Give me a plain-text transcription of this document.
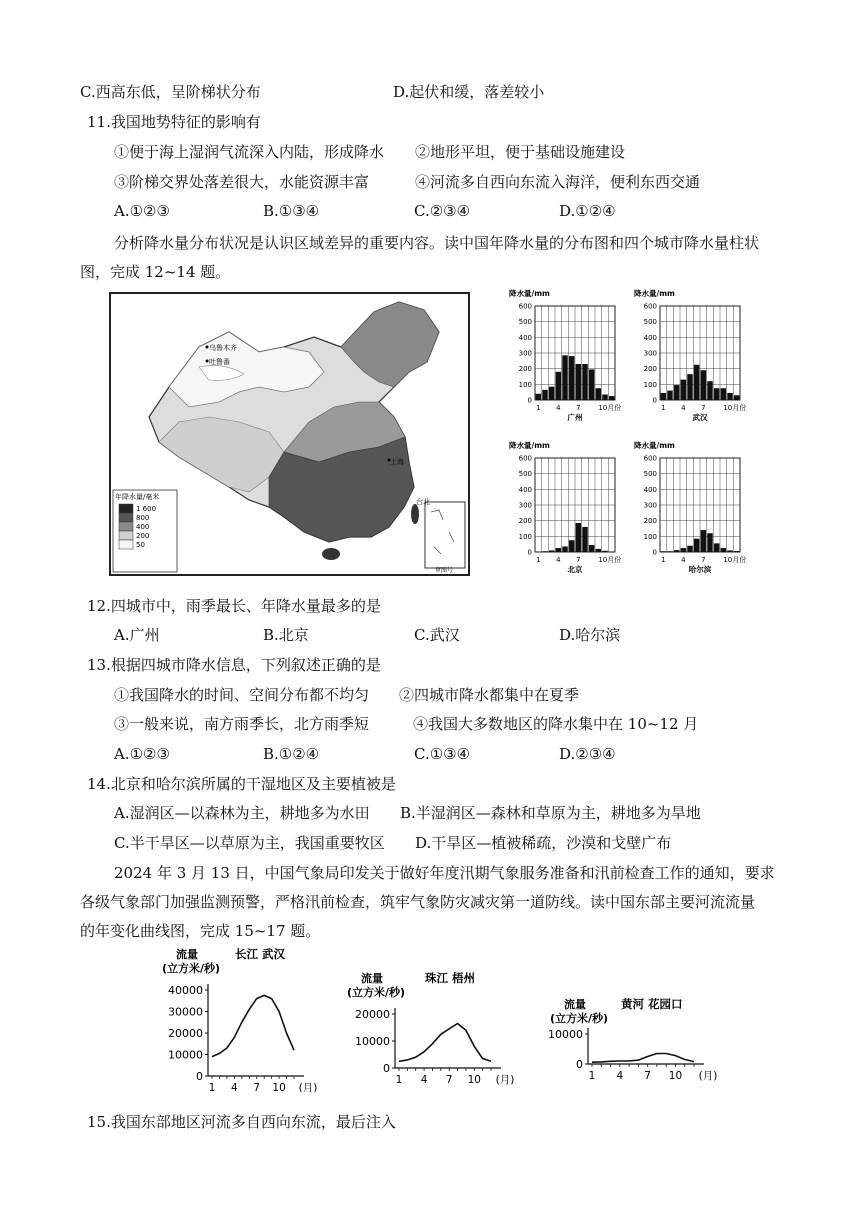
C.西高东低，呈阶梯状分布	D.起伏和缓，落差较小
11.我国地势特征的影响有
①便于海上湿润气流深入内陆，形成降水 ②地形平坦，便于基础设施建设
③阶梯交界处落差很大，水能资源丰富	④河流多自西向东流入海洋，便利东西交通
A.①②③	B.①③④	C.②③④	D.①②④
分析降水量分布状况是认识区域差异的重要内容。读中国年降水量的分布图和四个城市降水量柱状
图，完成 12~14 题。
乌鲁木齐
吐鲁番
上海
台北
审图号
年降水量/毫米
1 600
800
400
200
50
降水量/mm
0
100
200
300
400
500
600
1 4 7	10月份
广州
降水量/mm
0
100
200
300
400
500
600
1 4 7	10月份
武汉
降水量/mm
0
100
200
300
400
500
600
1 4 7	10月份
北京
降水量/mm
0
100
200
300
400
500
600
1 4 7	10月份
哈尔滨
12.四城市中，雨季最长、年降水量最多的是
A.广州	B.北京	C.武汉	D.哈尔滨
13.根据四城市降水信息，下列叙述正确的是
①我国降水的时间、空间分布都不均匀 ②四城市降水都集中在夏季
③一般来说，南方雨季长，北方雨季短	④我国大多数地区的降水集中在 10~12 月
A.①②③	B.①②④	C.①③④	D.②③④
14.北京和哈尔滨所属的干湿地区及主要植被是
A.湿润区—以森林为主，耕地多为水田 B.半湿润区—森林和草原为主，耕地多为旱地
C.半干旱区—以草原为主，我国重要牧区 D.干旱区—植被稀疏，沙漠和戈壁广布
2024 年 3 月 13 日，中国气象局印发关于做好年度汛期气象服务准备和汛前检查工作的通知，要求
各级气象部门加强监测预警，严格汛前检查，筑牢气象防灾减灾第一道防线。读中国东部主要河流流量
的年变化曲线图，完成 15~17 题。
流量
(立方米/秒)
长江 武汉
0
10000
20000
30000
40000
1 4 7 10 (月)
流量
(立方米/秒)
珠江 梧州
0
10000
20000
1 4 7 10 (月)
流量
(立方米/秒)
黄河 花园口
0
10000
1 4 7 10 (月)
15.我国东部地区河流多自西向东流，最后注入
